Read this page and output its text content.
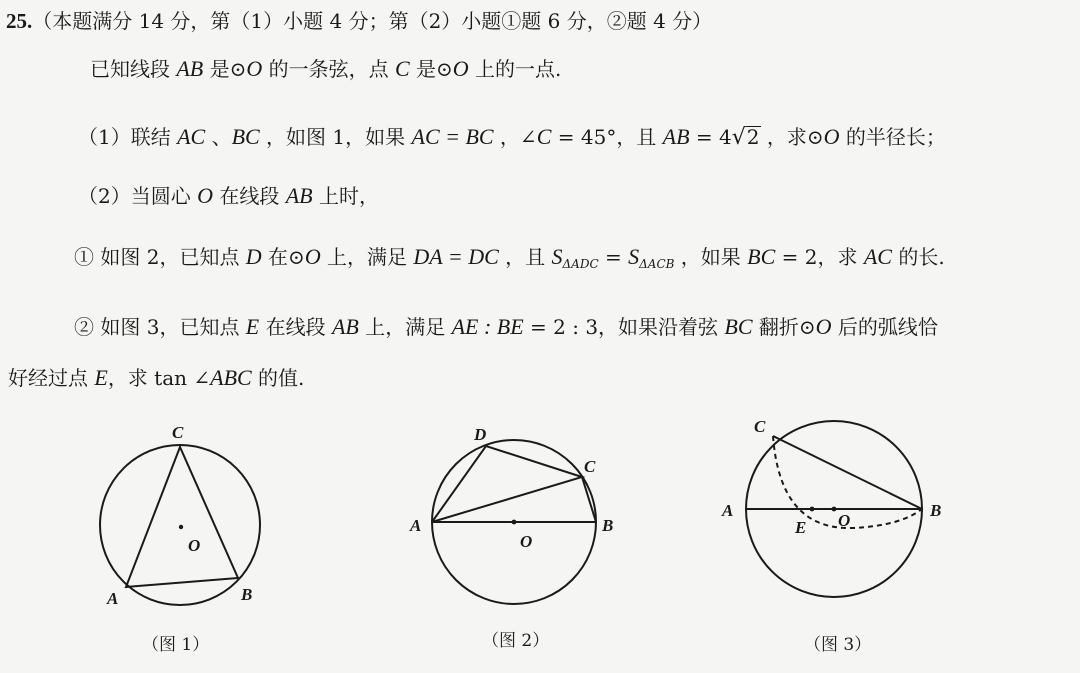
25.（本题满分 14 分，第（1）小题 4 分；第（2）小题①题 6 分，②题 4 分）
已知线段 AB 是⊙O 的一条弦，点 C 是⊙O 上的一点.
（1）联结 AC 、BC ，如图 1，如果 AC = BC ，∠C = 45°，且 AB = 4√2 ，求⊙O 的半径长；
（2）当圆心 O 在线段 AB 上时，
① 如图 2，已知点 D 在⊙O 上，满足 DA = DC ，且 $S_{\Delta ADC} = S_{\Delta ACB}$ ，如果 BC = 2，求 AC 的长.
② 如图 3，已知点 E 在线段 AB 上，满足 AE : BE = 2 : 3，如果沿着弦 BC 翻折⊙O 后的弧线恰
好经过点 E，求 tan ∠ABC 的值.
C
O
A	B
D
C
A	B
O
C
A	B
E O
（图 1）	（图 2）	（图 3）
